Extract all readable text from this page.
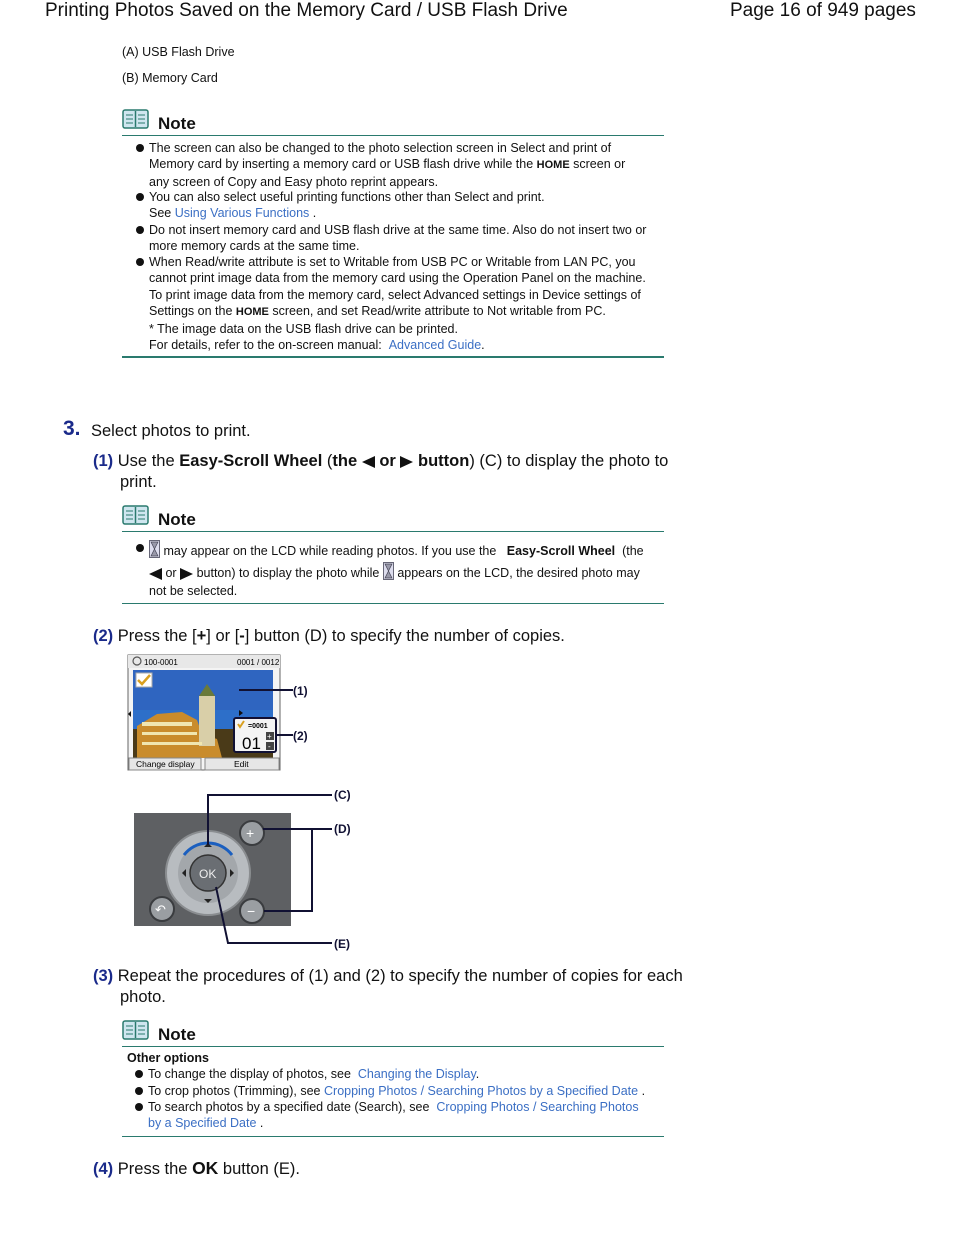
Printing Photos Saved on the Memory Card / USB Flash Drive	Page 16 of 949 pages
(A) USB Flash Drive
(B) Memory Card
Note
The screen can also be changed to the photo selection screen in Select and print of
Memory card by inserting a memory card or USB flash drive while the HOME screen or
any screen of Copy and Easy photo reprint appears.
You can also select useful printing functions other than Select and print.
See Using Various Functions .
Do not insert memory card and USB flash drive at the same time. Also do not insert two or
more memory cards at the same time.
When Read/write attribute is set to Writable from USB PC or Writable from LAN PC, you
cannot print image data from the memory card using the Operation Panel on the machine.
To print image data from the memory card, select Advanced settings in Device settings of
Settings on the HOME screen, and set Read/write attribute to Not writable from PC.
* The image data on the USB flash drive can be printed.
For details, refer to the on-screen manual: Advanced Guide.
3. Select photos to print.
(1) Use the Easy-Scroll Wheel (the or button) (C) to display the photo to
print.
Note
may appear on the LCD while reading photos. If you use the Easy-Scroll Wheel (the
or button) to display the photo while appears on the LCD, the desired photo may
not be selected.
(2) Press the [+] or [-] button (D) to specify the number of copies.
100-0001	0001 / 0012
=0001
01 +
-
Change display	Edit
(1)
(2)
OK
+
−
↶
(C)
(D)
(E)
(3) Repeat the procedures of (1) and (2) to specify the number of copies for each
photo.
Note
Other options
To change the display of photos, see Changing the Display.
To crop photos (Trimming), see Cropping Photos / Searching Photos by a Specified Date .
To search photos by a specified date (Search), see Cropping Photos / Searching Photos
by a Specified Date .
(4) Press the OK button (E).
